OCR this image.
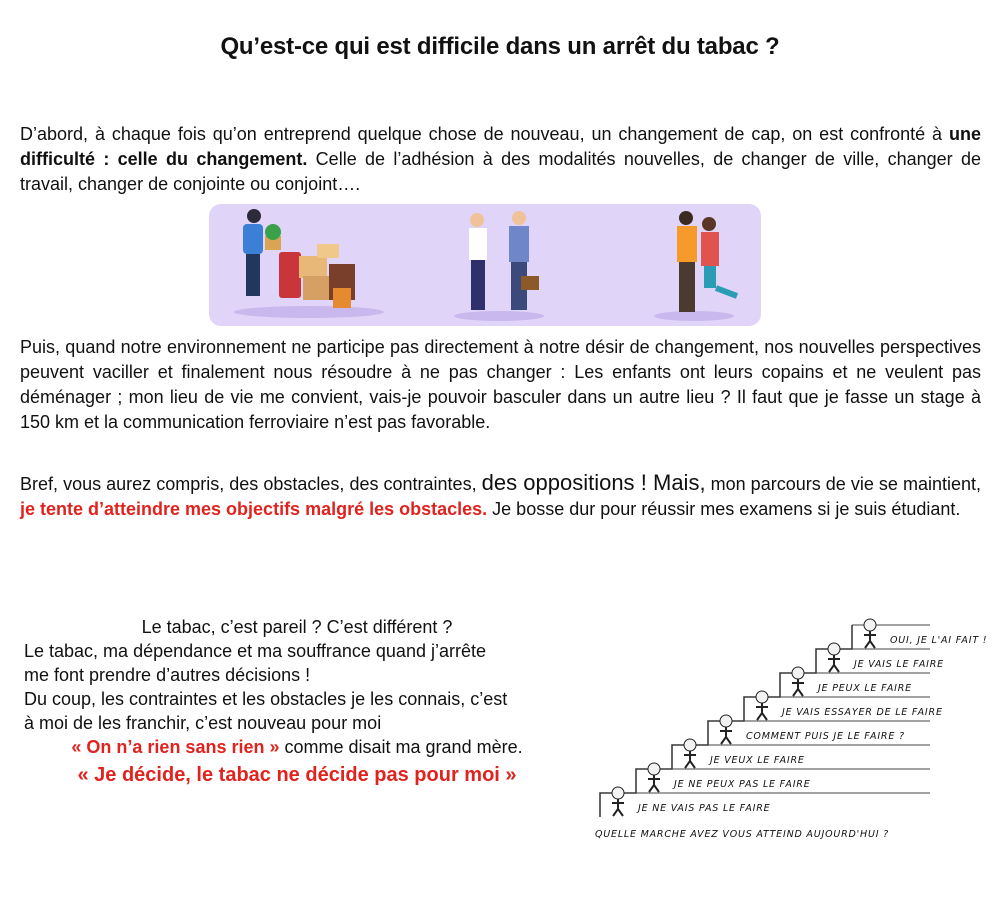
Qu’est-ce qui est difficile dans un arrêt du tabac ?
D’abord, à chaque fois qu’on entreprend quelque chose de nouveau, un changement de cap, on est confronté à une difficulté : celle du changement. Celle de l’adhésion à des modalités nouvelles, de changer de ville, changer de travail, changer de conjointe ou conjoint….
Puis, quand notre environnement ne participe pas directement à notre désir de changement, nos nouvelles perspectives peuvent vaciller et finalement nous résoudre à ne pas changer : Les enfants ont leurs copains et ne veulent pas déménager ; mon lieu de vie me convient, vais-je pouvoir basculer dans un autre lieu ? Il faut que je fasse un stage à 150 km et la communication ferroviaire n’est pas favorable.
Bref, vous aurez compris, des obstacles, des contraintes, des oppositions ! Mais, mon parcours de vie se maintient, je tente d’atteindre mes objectifs malgré les obstacles. Je bosse dur pour réussir mes examens si je suis étudiant.
Le tabac, c’est pareil ? C’est différent ?
Le tabac, ma dépendance et ma souffrance quand j’arrête
me font prendre d’autres décisions !
Du coup, les contraintes et les obstacles je les connais, c’est
à moi de les franchir, c’est nouveau pour moi
« On n’a rien sans rien » comme disait ma grand mère.
« Je décide, le tabac ne décide pas pour moi »
JE NE VAIS PAS LE FAIRE
JE NE PEUX PAS LE FAIRE
JE VEUX LE FAIRE
COMMENT PUIS JE LE FAIRE ?
JE VAIS ESSAYER DE LE FAIRE
JE PEUX LE FAIRE
JE VAIS LE FAIRE
OUI, JE L'AI FAIT !
QUELLE MARCHE AVEZ VOUS ATTEIND AUJOURD'HUI ?
